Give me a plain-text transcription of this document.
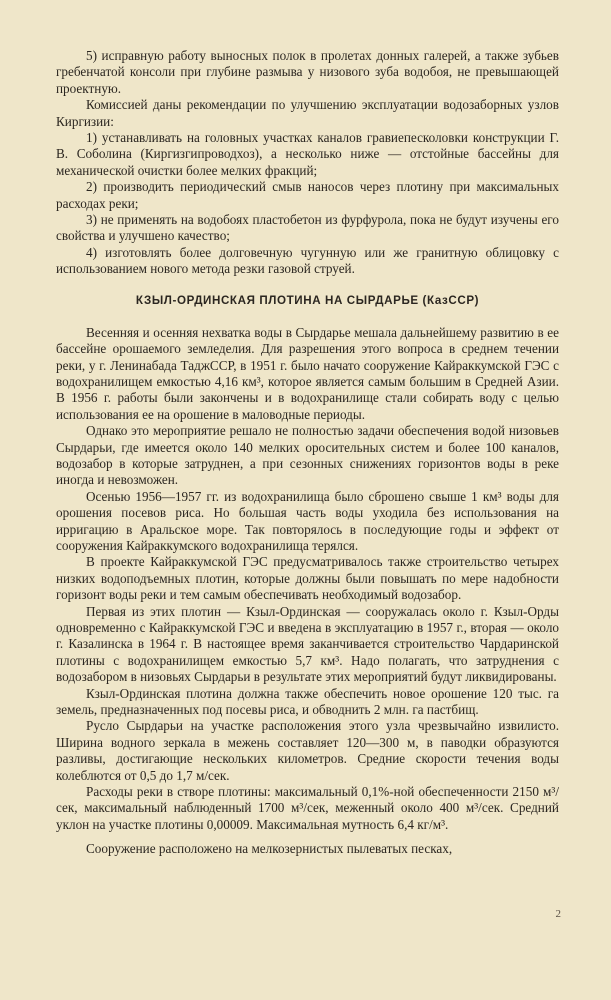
5) исправную работу выносных полок в пролетах донных галерей, а также зубьев гребенчатой консоли при глубине размыва у низового зуба водобоя, не превышающей проектную.

Комиссией даны рекомендации по улучшению эксплуатации водозаборных узлов Киргизии:

1) устанавливать на головных участках каналов гравиепесколовки конструкции Г. В. Соболина (Киргизгипроводхоз), а несколько ниже — отстойные бассейны для механической очистки более мелких фракций;

2) производить периодический смыв наносов через плотину при максимальных расходах реки;

3) не применять на водобоях пластобетон из фурфурола, пока не будут изучены его свойства и улучшено качество;

4) изготовлять более долговечную чугунную или же гранитную облицовку с использованием нового метода резки газовой струей.

КЗЫЛ-ОРДИНСКАЯ ПЛОТИНА НА СЫРДАРЬЕ (КазССР)

Весенняя и осенняя нехватка воды в Сырдарье мешала дальнейшему развитию в ее бассейне орошаемого земледелия. Для разрешения этого вопроса в среднем течении реки, у г. Ленинабада ТаджССР, в 1951 г. было начато сооружение Кайраккумской ГЭС с водохранилищем емкостью 4,16 км³, которое является самым большим в Средней Азии. В 1956 г. работы были закончены и в водохранилище стали собирать воду с целью использования ее на орошение в маловодные периоды.

Однако это мероприятие решало не полностью задачи обеспечения водой низовьев Сырдарьи, где имеется около 140 мелких оросительных систем и более 100 каналов, водозабор в которые затруднен, а при сезонных снижениях горизонтов воды в реке иногда и невозможен.

Осенью 1956—1957 гг. из водохранилища было сброшено свыше 1 км³ воды для орошения посевов риса. Но большая часть воды уходила без использования на ирригацию в Аральское море. Так повторялось в последующие годы и эффект от сооружения Кайраккумского водохранилища терялся.

В проекте Кайраккумской ГЭС предусматривалось также строительство четырех низких водоподъемных плотин, которые должны были повышать по мере надобности горизонт воды реки и тем самым обеспечивать необходимый водозабор.

Первая из этих плотин — Кзыл-Ординская — сооружалась около г. Кзыл-Орды одновременно с Кайраккумской ГЭС и введена в эксплуатацию в 1957 г., вторая — около г. Казалинска в 1964 г. В настоящее время заканчивается строительство Чардаринской плотины с водохранилищем емкостью 5,7 км³. Надо полагать, что затруднения с водозабором в низовьях Сырдарьи в результате этих мероприятий будут ликвидированы.

Кзыл-Ординская плотина должна также обеспечить новое орошение 120 тыс. га земель, предназначенных под посевы риса, и обводнить 2 млн. га пастбищ.

Русло Сырдарьи на участке расположения этого узла чрезвычайно извилисто. Ширина водного зеркала в межень составляет 120—300 м, в паводки образуются разливы, достигающие нескольких километров. Средние скорости течения воды колеблются от 0,5 до 1,7 м/сек.

Расходы реки в створе плотины: максимальный 0,1%-ной обеспеченности 2150 м³/сек, максимальный наблюденный 1700 м³/сек, меженный около 400 м³/сек. Средний уклон на участке плотины 0,00009. Максимальная мутность 6,4 кг/м³.

Сооружение расположено на мелкозернистых пылеватых песках,

2
